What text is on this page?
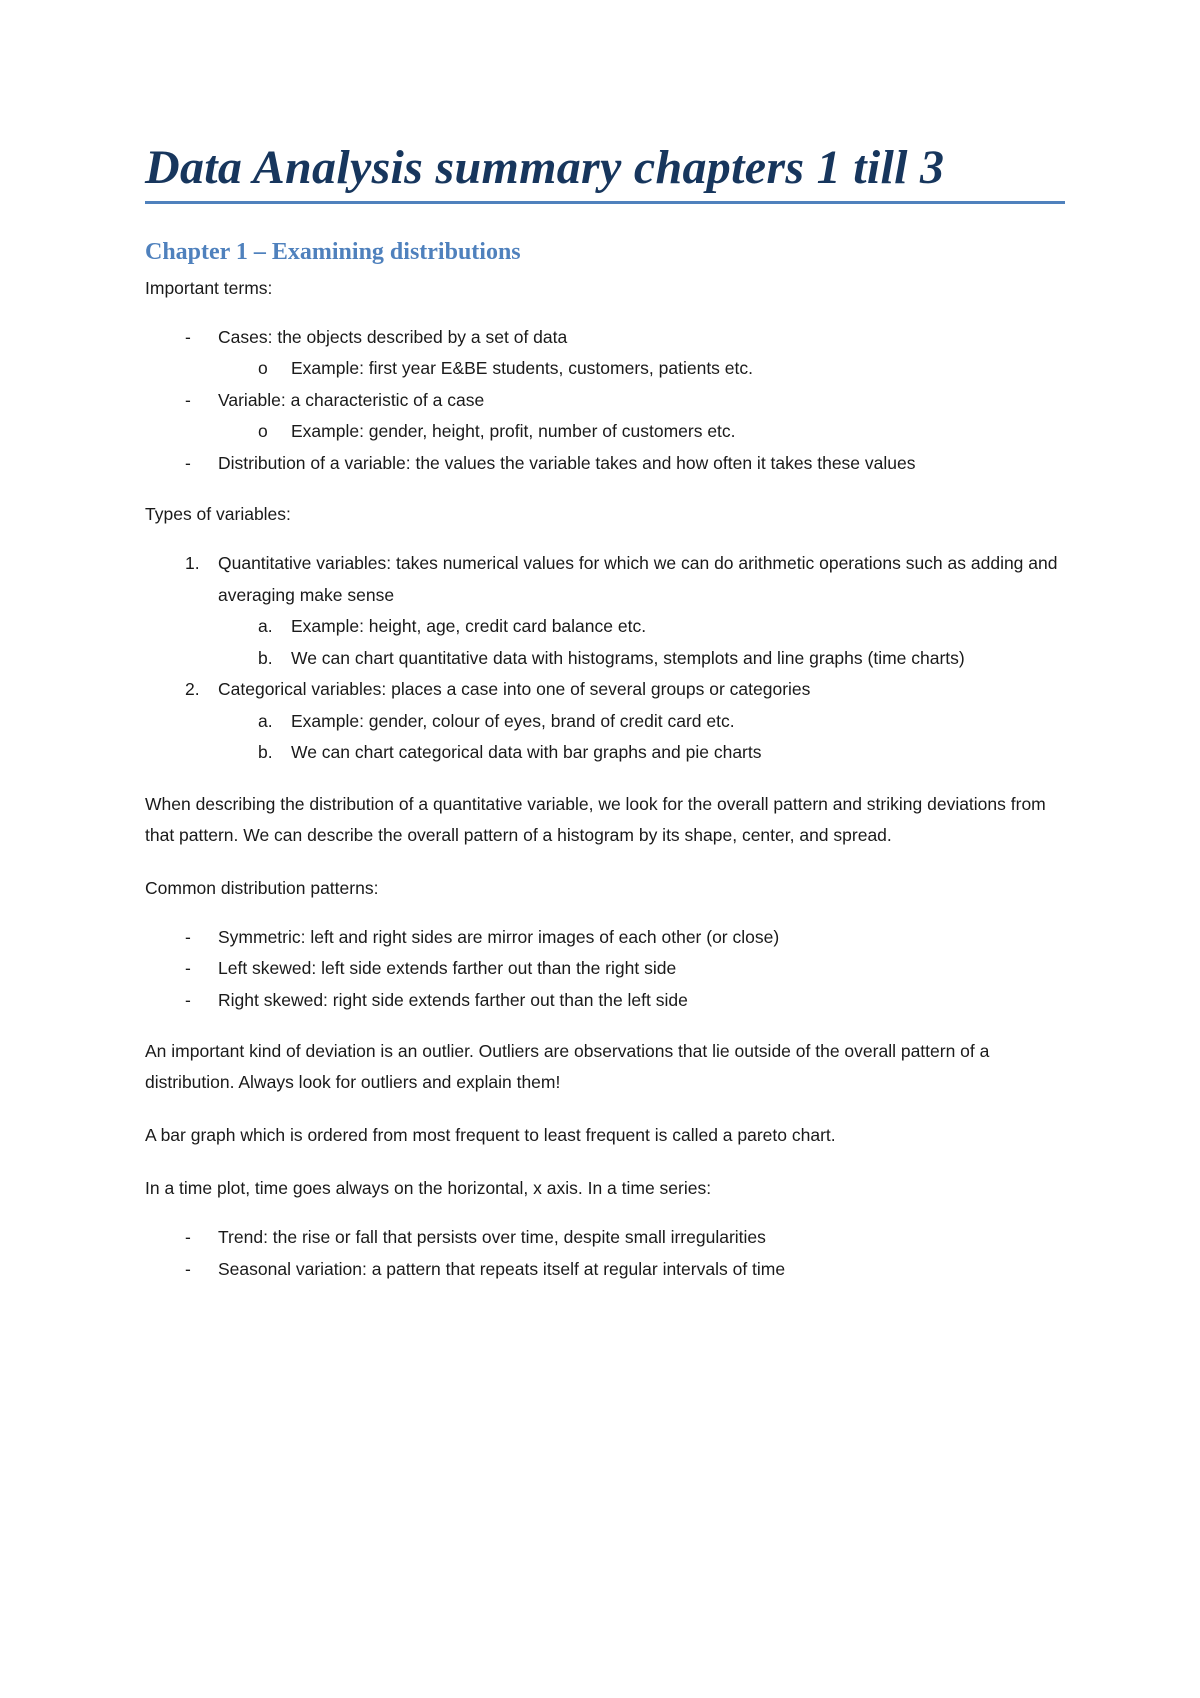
Data Analysis summary chapters 1 till 3
Chapter 1 – Examining distributions

Important terms:

- Cases: the objects described by a set of data
o Example: first year E&BE students, customers, patients etc.
- Variable: a characteristic of a case
o Example: gender, height, profit, number of customers etc.
- Distribution of a variable: the values the variable takes and how often it takes these values

Types of variables:

1. Quantitative variables: takes numerical values for which we can do arithmetic operations such as adding and averaging make sense
a. Example: height, age, credit card balance etc.
b. We can chart quantitative data with histograms, stemplots and line graphs (time charts)
2. Categorical variables: places a case into one of several groups or categories
a. Example: gender, colour of eyes, brand of credit card etc.
b. We can chart categorical data with bar graphs and pie charts

When describing the distribution of a quantitative variable, we look for the overall pattern and striking deviations from that pattern. We can describe the overall pattern of a histogram by its shape, center, and spread.

Common distribution patterns:

- Symmetric: left and right sides are mirror images of each other (or close)
- Left skewed: left side extends farther out than the right side
- Right skewed: right side extends farther out than the left side

An important kind of deviation is an outlier. Outliers are observations that lie outside of the overall pattern of a distribution. Always look for outliers and explain them!

A bar graph which is ordered from most frequent to least frequent is called a pareto chart.

In a time plot, time goes always on the horizontal, x axis. In a time series:

- Trend: the rise or fall that persists over time, despite small irregularities
- Seasonal variation: a pattern that repeats itself at regular intervals of time
